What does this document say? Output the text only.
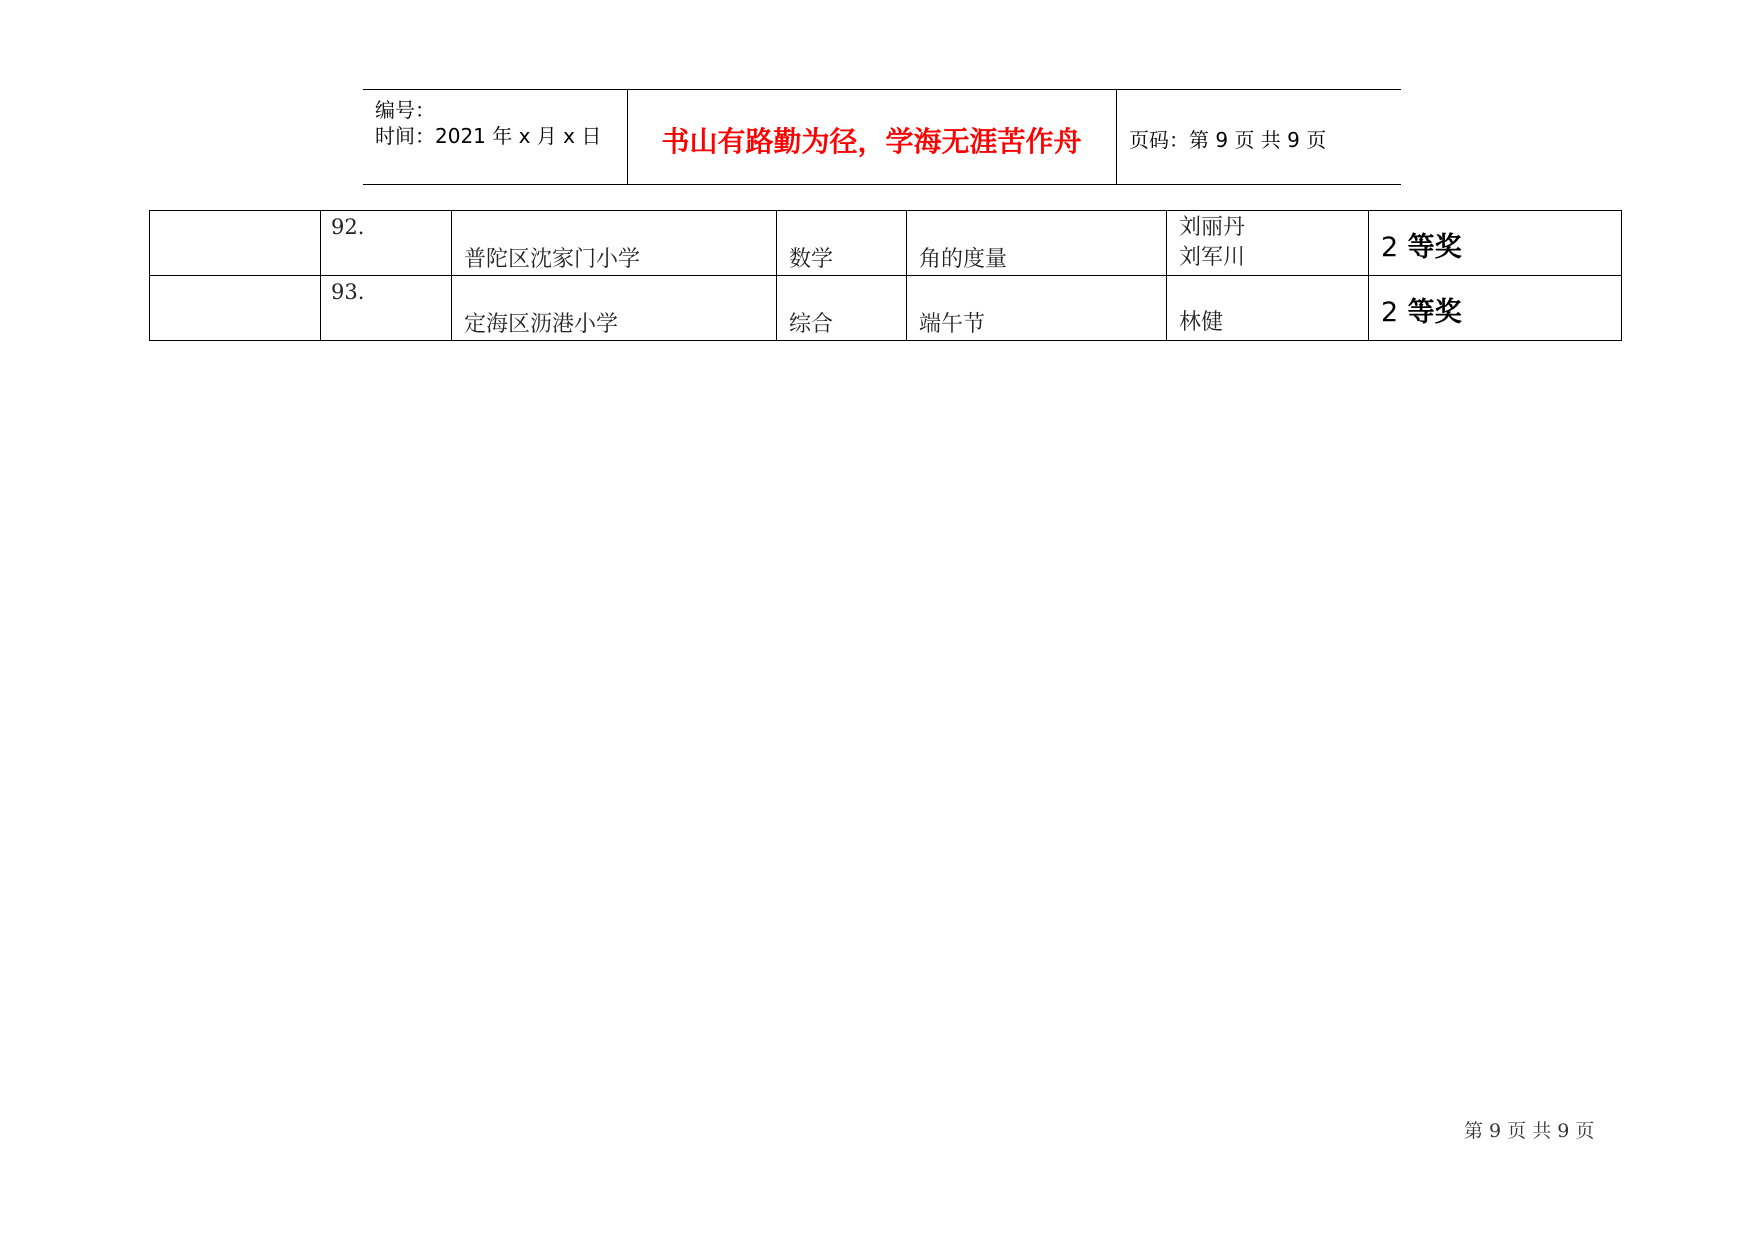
编号：
时间：2021 年 x 月 x 日	书山有路勤为径，学海无涯苦作舟	页码：第 9 页 共 9 页

	92.	普陀区沈家门小学	数学	角的度量	刘丽丹
刘军川	2 等奖

	93.	定海区沥港小学	综合	端午节	林健	2 等奖
第 9 页 共 9 页
